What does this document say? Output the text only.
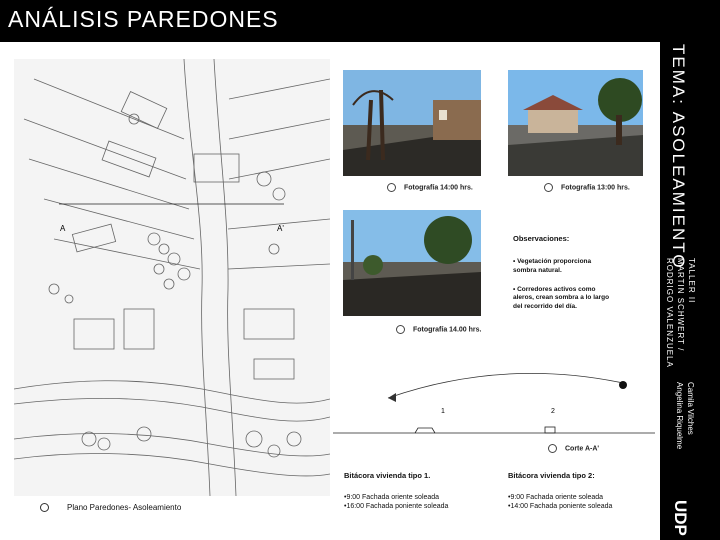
ANÁLISIS PAREDONES
A	A'
Plano Paredones- Asoleamiento
Fotografía 14:00 hrs.	Fotografía 13:00 hrs.
Fotografía 14.00 hrs.
Observaciones:

• Vegetación proporciona sombra natural.

• Corredores activos como aleros, crean sombra a lo largo del recorrido del día.

1	2
Corte A-A'
Bitácora vivienda tipo 1.
•9:00 Fachada oriente soleada
•16:00 Fachada poniente soleada
Bitácora vivienda tipo 2:
•9:00 Fachada oriente soleada
•14:00 Fachada poniente soleada
TEMA: ASOLEAMIENTO
TALLER II
MARTIN SCHWERT /
RODRIGO VALENZUELA
Camila Vilches
Angelina Riquelme
UDP
